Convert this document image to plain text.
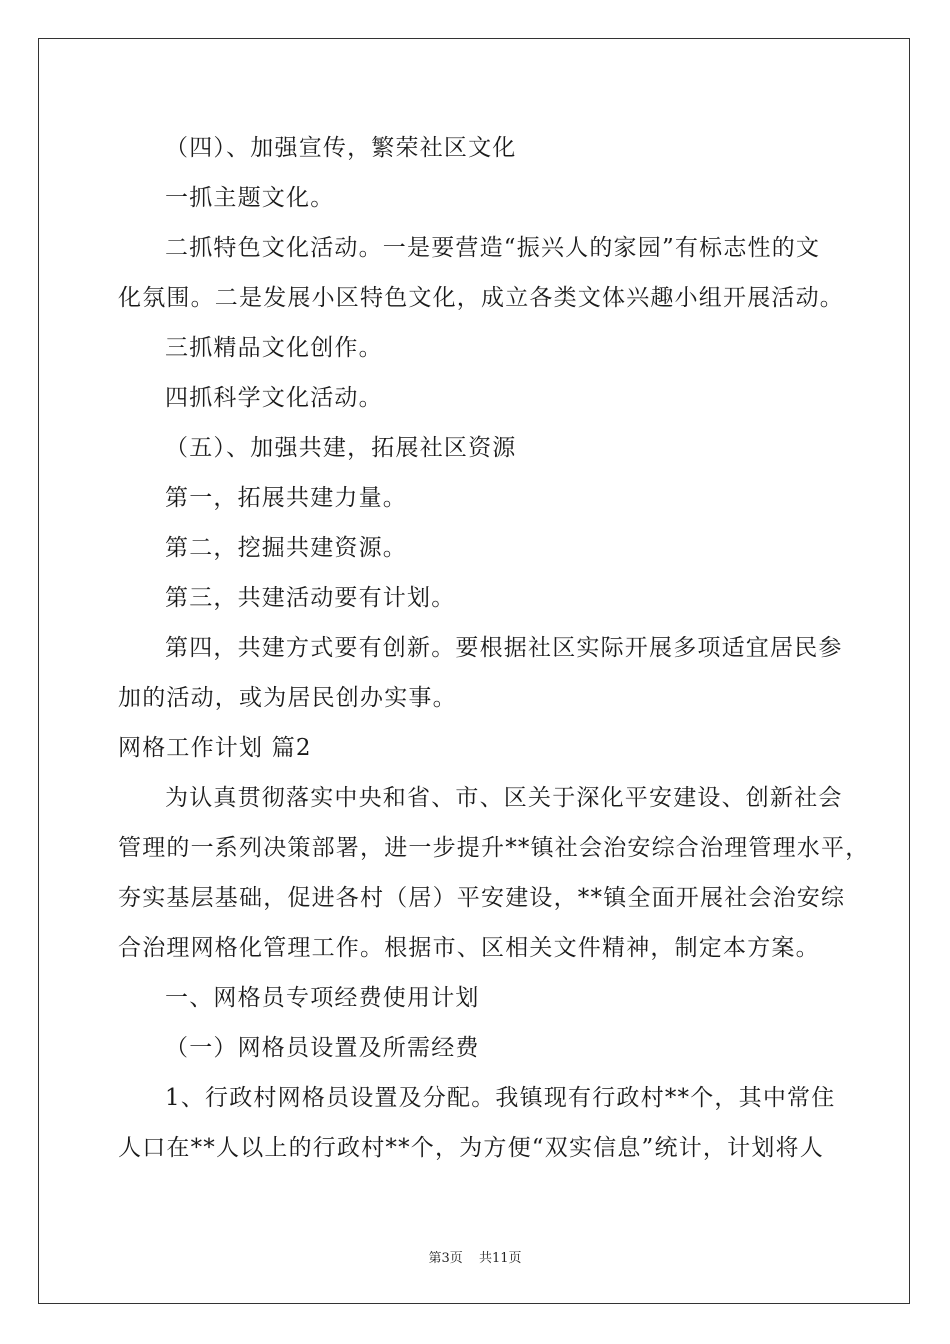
（四）、加强宣传，繁荣社区文化
一抓主题文化。
二抓特色文化活动。一是要营造“振兴人的家园”有标志性的文
化氛围。二是发展小区特色文化，成立各类文体兴趣小组开展活动。
三抓精品文化创作。
四抓科学文化活动。
（五）、加强共建，拓展社区资源
第一，拓展共建力量。
第二，挖掘共建资源。
第三，共建活动要有计划。
第四，共建方式要有创新。要根据社区实际开展多项适宜居民参
加的活动，或为居民创办实事。
网格工作计划 篇2
为认真贯彻落实中央和省、市、区关于深化平安建设、创新社会
管理的一系列决策部署，进一步提升**镇社会治安综合治理管理水平，
夯实基层基础，促进各村（居）平安建设，**镇全面开展社会治安综
合治理网格化管理工作。根据市、区相关文件精神，制定本方案。
一、网格员专项经费使用计划
（一）网格员设置及所需经费
1、行政村网格员设置及分配。我镇现有行政村**个，其中常住
人口在**人以上的行政村**个，为方便“双实信息”统计，计划将人
第3页 共11页
